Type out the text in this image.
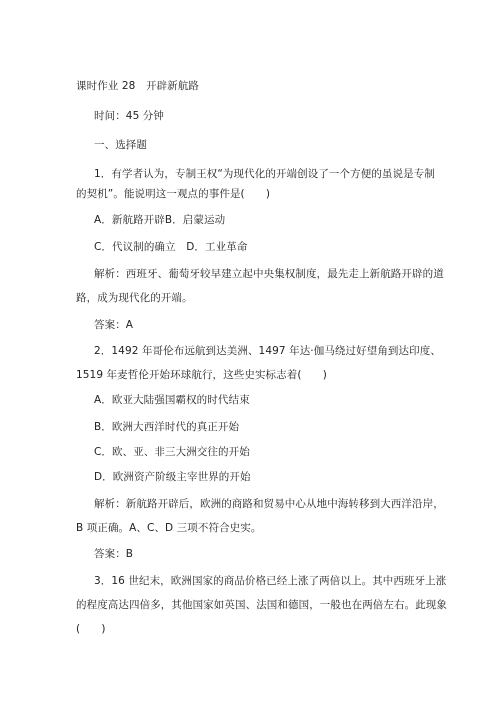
课时作业 28　开辟新航路
时间：45 分钟
一、选择题
1．有学者认为，专制王权“为现代化的开端创设了一个方便的虽说是专制
的契机”。能说明这一观点的事件是(　　)
A．新航路开辟B．启蒙运动
C．代议制的确立　D．工业革命
解析：西班牙、葡萄牙较早建立起中央集权制度，最先走上新航路开辟的道
路，成为现代化的开端。
答案：A
2．1492 年哥伦布远航到达美洲、1497 年达·伽马绕过好望角到达印度、
1519 年麦哲伦开始环球航行，这些史实标志着(　　)
A．欧亚大陆强国霸权的时代结束
B．欧洲大西洋时代的真正开始
C．欧、亚、非三大洲交往的开始
D．欧洲资产阶级主宰世界的开始
解析：新航路开辟后，欧洲的商路和贸易中心从地中海转移到大西洋沿岸，
B 项正确。A、C、D 三项不符合史实。
答案：B
3．16 世纪末，欧洲国家的商品价格已经上涨了两倍以上。其中西班牙上涨
的程度高达四倍多，其他国家如英国、法国和德国，一般也在两倍左右。此现象
(　　)
